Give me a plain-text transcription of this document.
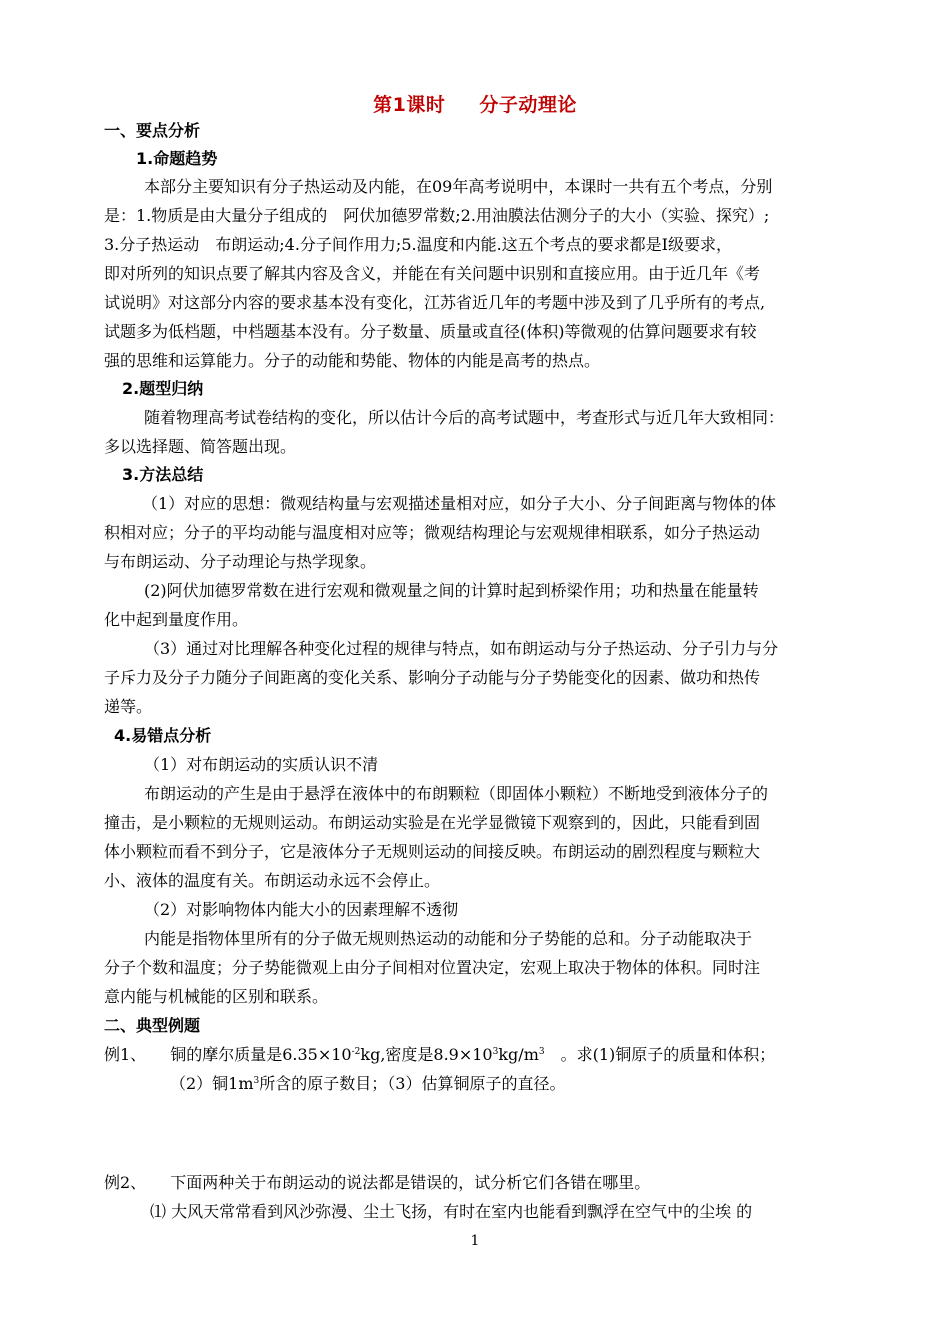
第1课时 分子动理论
一、要点分析
1.命题趋势
本部分主要知识有分子热运动及内能，在09年高考说明中，本课时一共有五个考点，分别
是：1.物质是由大量分子组成的　阿伏加德罗常数;2.用油膜法估测分子的大小（实验、探究）;
3.分子热运动　布朗运动;4.分子间作用力;5.温度和内能.这五个考点的要求都是Ⅰ级要求，
即对所列的知识点要了解其内容及含义，并能在有关问题中识别和直接应用。由于近几年《考
试说明》对这部分内容的要求基本没有变化，江苏省近几年的考题中涉及到了几乎所有的考点,
试题多为低档题，中档题基本没有。分子数量、质量或直径(体积)等微观的估算问题要求有较
强的思维和运算能力。分子的动能和势能、物体的内能是高考的热点。
2.题型归纳
随着物理高考试卷结构的变化，所以估计今后的高考试题中，考查形式与近几年大致相同：
多以选择题、简答题出现。
3.方法总结
（1）对应的思想：微观结构量与宏观描述量相对应，如分子大小、分子间距离与物体的体
积相对应；分子的平均动能与温度相对应等；微观结构理论与宏观规律相联系，如分子热运动
与布朗运动、分子动理论与热学现象。
(2)阿伏加德罗常数在进行宏观和微观量之间的计算时起到桥梁作用；功和热量在能量转
化中起到量度作用。
（3）通过对比理解各种变化过程的规律与特点，如布朗运动与分子热运动、分子引力与分
子斥力及分子力随分子间距离的变化关系、影响分子动能与分子势能变化的因素、做功和热传
递等。
4.易错点分析
（1）对布朗运动的实质认识不清
布朗运动的产生是由于悬浮在液体中的布朗颗粒（即固体小颗粒）不断地受到液体分子的
撞击，是小颗粒的无规则运动。布朗运动实验是在光学显微镜下观察到的，因此，只能看到固
体小颗粒而看不到分子，它是液体分子无规则运动的间接反映。布朗运动的剧烈程度与颗粒大
小、液体的温度有关。布朗运动永远不会停止。
（2）对影响物体内能大小的因素理解不透彻
内能是指物体里所有的分子做无规则热运动的动能和分子势能的总和。分子动能取决于
分子个数和温度；分子势能微观上由分子间相对位置决定，宏观上取决于物体的体积。同时注
意内能与机械能的区别和联系。
二、典型例题
例1、 铜的摩尔质量是$6.35\times 10^{-2}kg$,密度是$8.9\times 10^3kg/m^3$　。求(1)铜原子的质量和体积；
（2）铜$1m^3$所含的原子数目；（3）估算铜原子的直径。
例2、 下面两种关于布朗运动的说法都是错误的，试分析它们各错在哪里。
⑴ 大风天常常看到风沙弥漫、尘土飞扬，有时在室内也能看到飘浮在空气中的尘埃 的
1
